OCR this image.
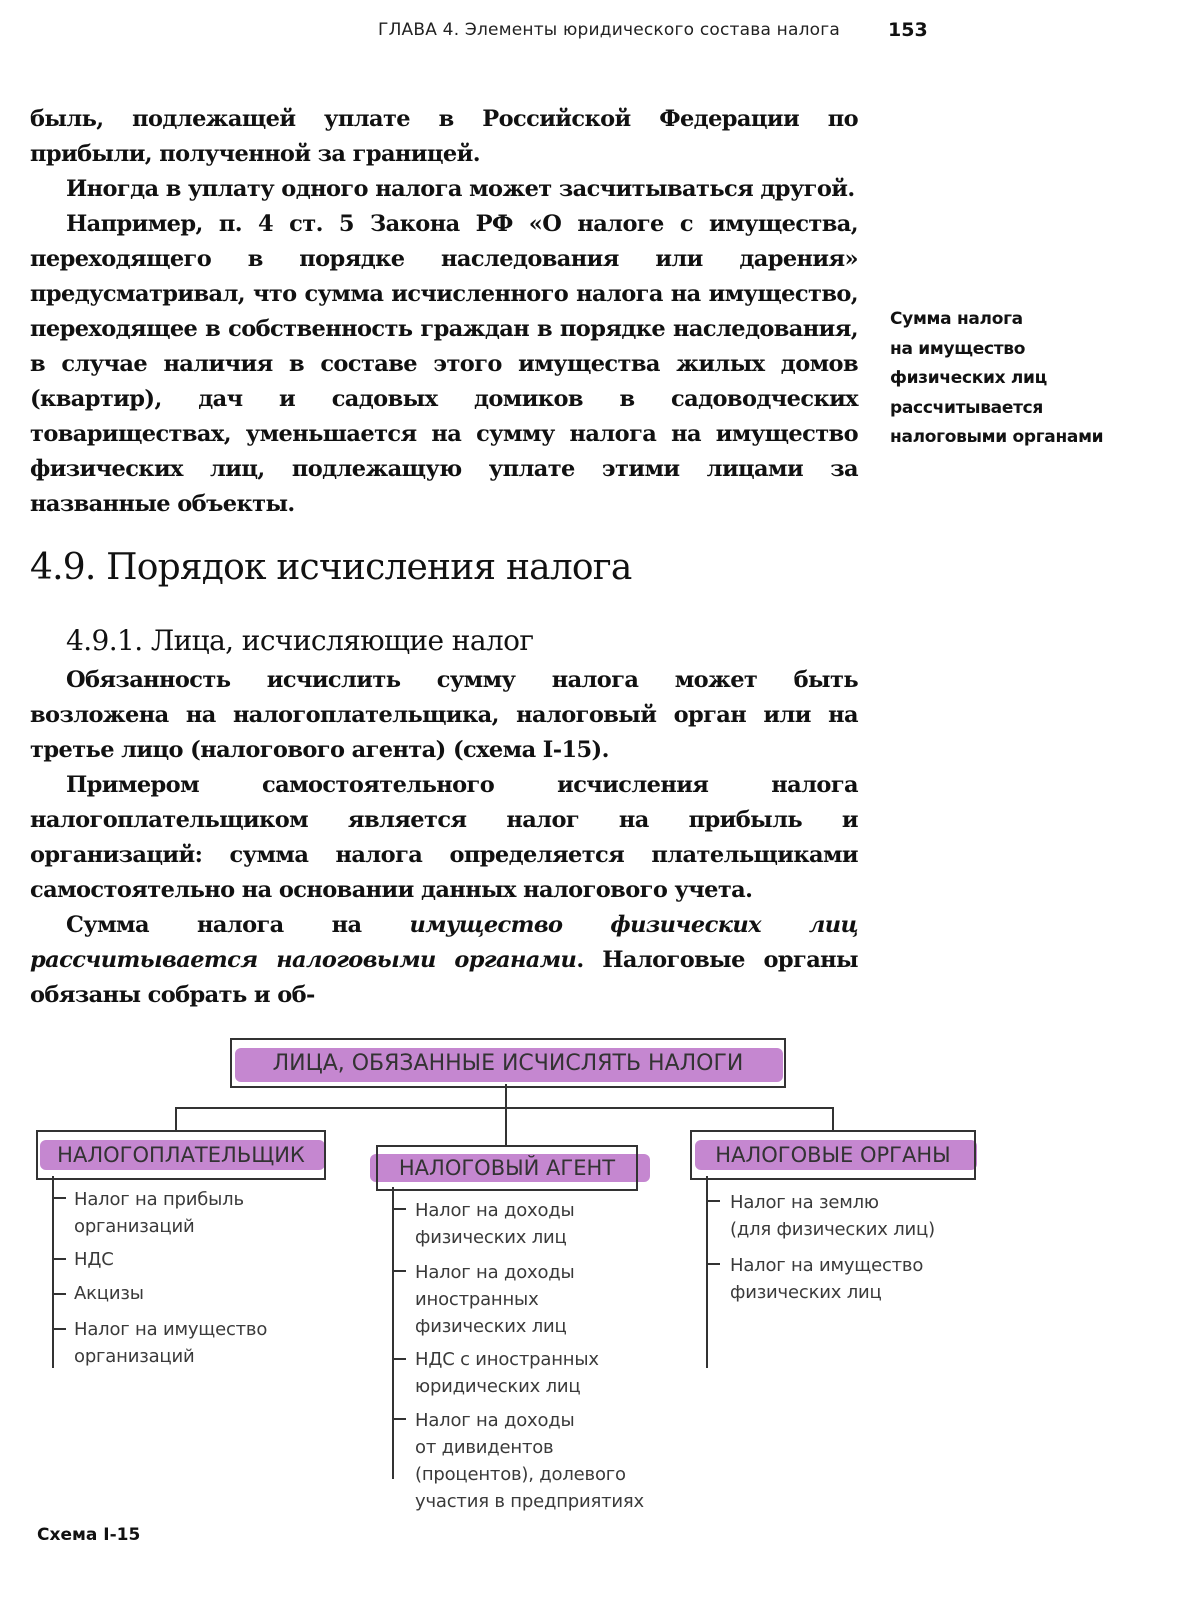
ГЛАВА 4. Элементы юридического состава налога	153

быль, подлежащей уплате в Российской Федерации по прибыли, полученной за границей.

Иногда в уплату одного налога может засчитываться другой.

Например, п. 4 ст. 5 Закона РФ «О налоге с имущества, переходящего в порядке наследования или дарения» предусматривал, что сумма исчисленного налога на имущество, переходящее в собственность граждан в порядке наследования, в случае наличия в составе этого имущества жилых домов (квартир), дач и садовых домиков в садоводческих товариществах, уменьшается на сумму налога на имущество физических лиц, подлежащую уплате этими лицами за названные объекты.

Сумма налога
на имущество
физических лиц
рассчитывается
налоговыми органами
4.9. Порядок исчисления налога
4.9.1. Лица, исчисляющие налог

Обязанность исчислить сумму налога может быть возложена на налогоплательщика, налоговый орган или на третье лицо (налогового агента) (схема I-15).

Примером самостоятельного исчисления налога налогоплательщиком является налог на прибыль и организаций: сумма налога определяется плательщиками самостоятельно на основании данных налогового учета.

Сумма налога на имущество физических лиц рассчитывается налоговыми органами. Налоговые органы обязаны собрать и об-

ЛИЦА, ОБЯЗАННЫЕ ИСЧИСЛЯТЬ НАЛОГИ
НАЛОГОПЛАТЕЛЬЩИК
Налог на прибыль
организаций
НДС
Акцизы
Налог на имущество
организаций
НАЛОГОВЫЙ АГЕНТ
Налог на доходы
физических лиц
Налог на доходы
иностранных
физических лиц
НДС с иностранных
юридических лиц
Налог на доходы
от дивидентов
(процентов), долевого
участия в предприятиях
НАЛОГОВЫЕ ОРГАНЫ
Налог на землю
(для физических лиц)
Налог на имущество
физических лиц
Схема I-15
